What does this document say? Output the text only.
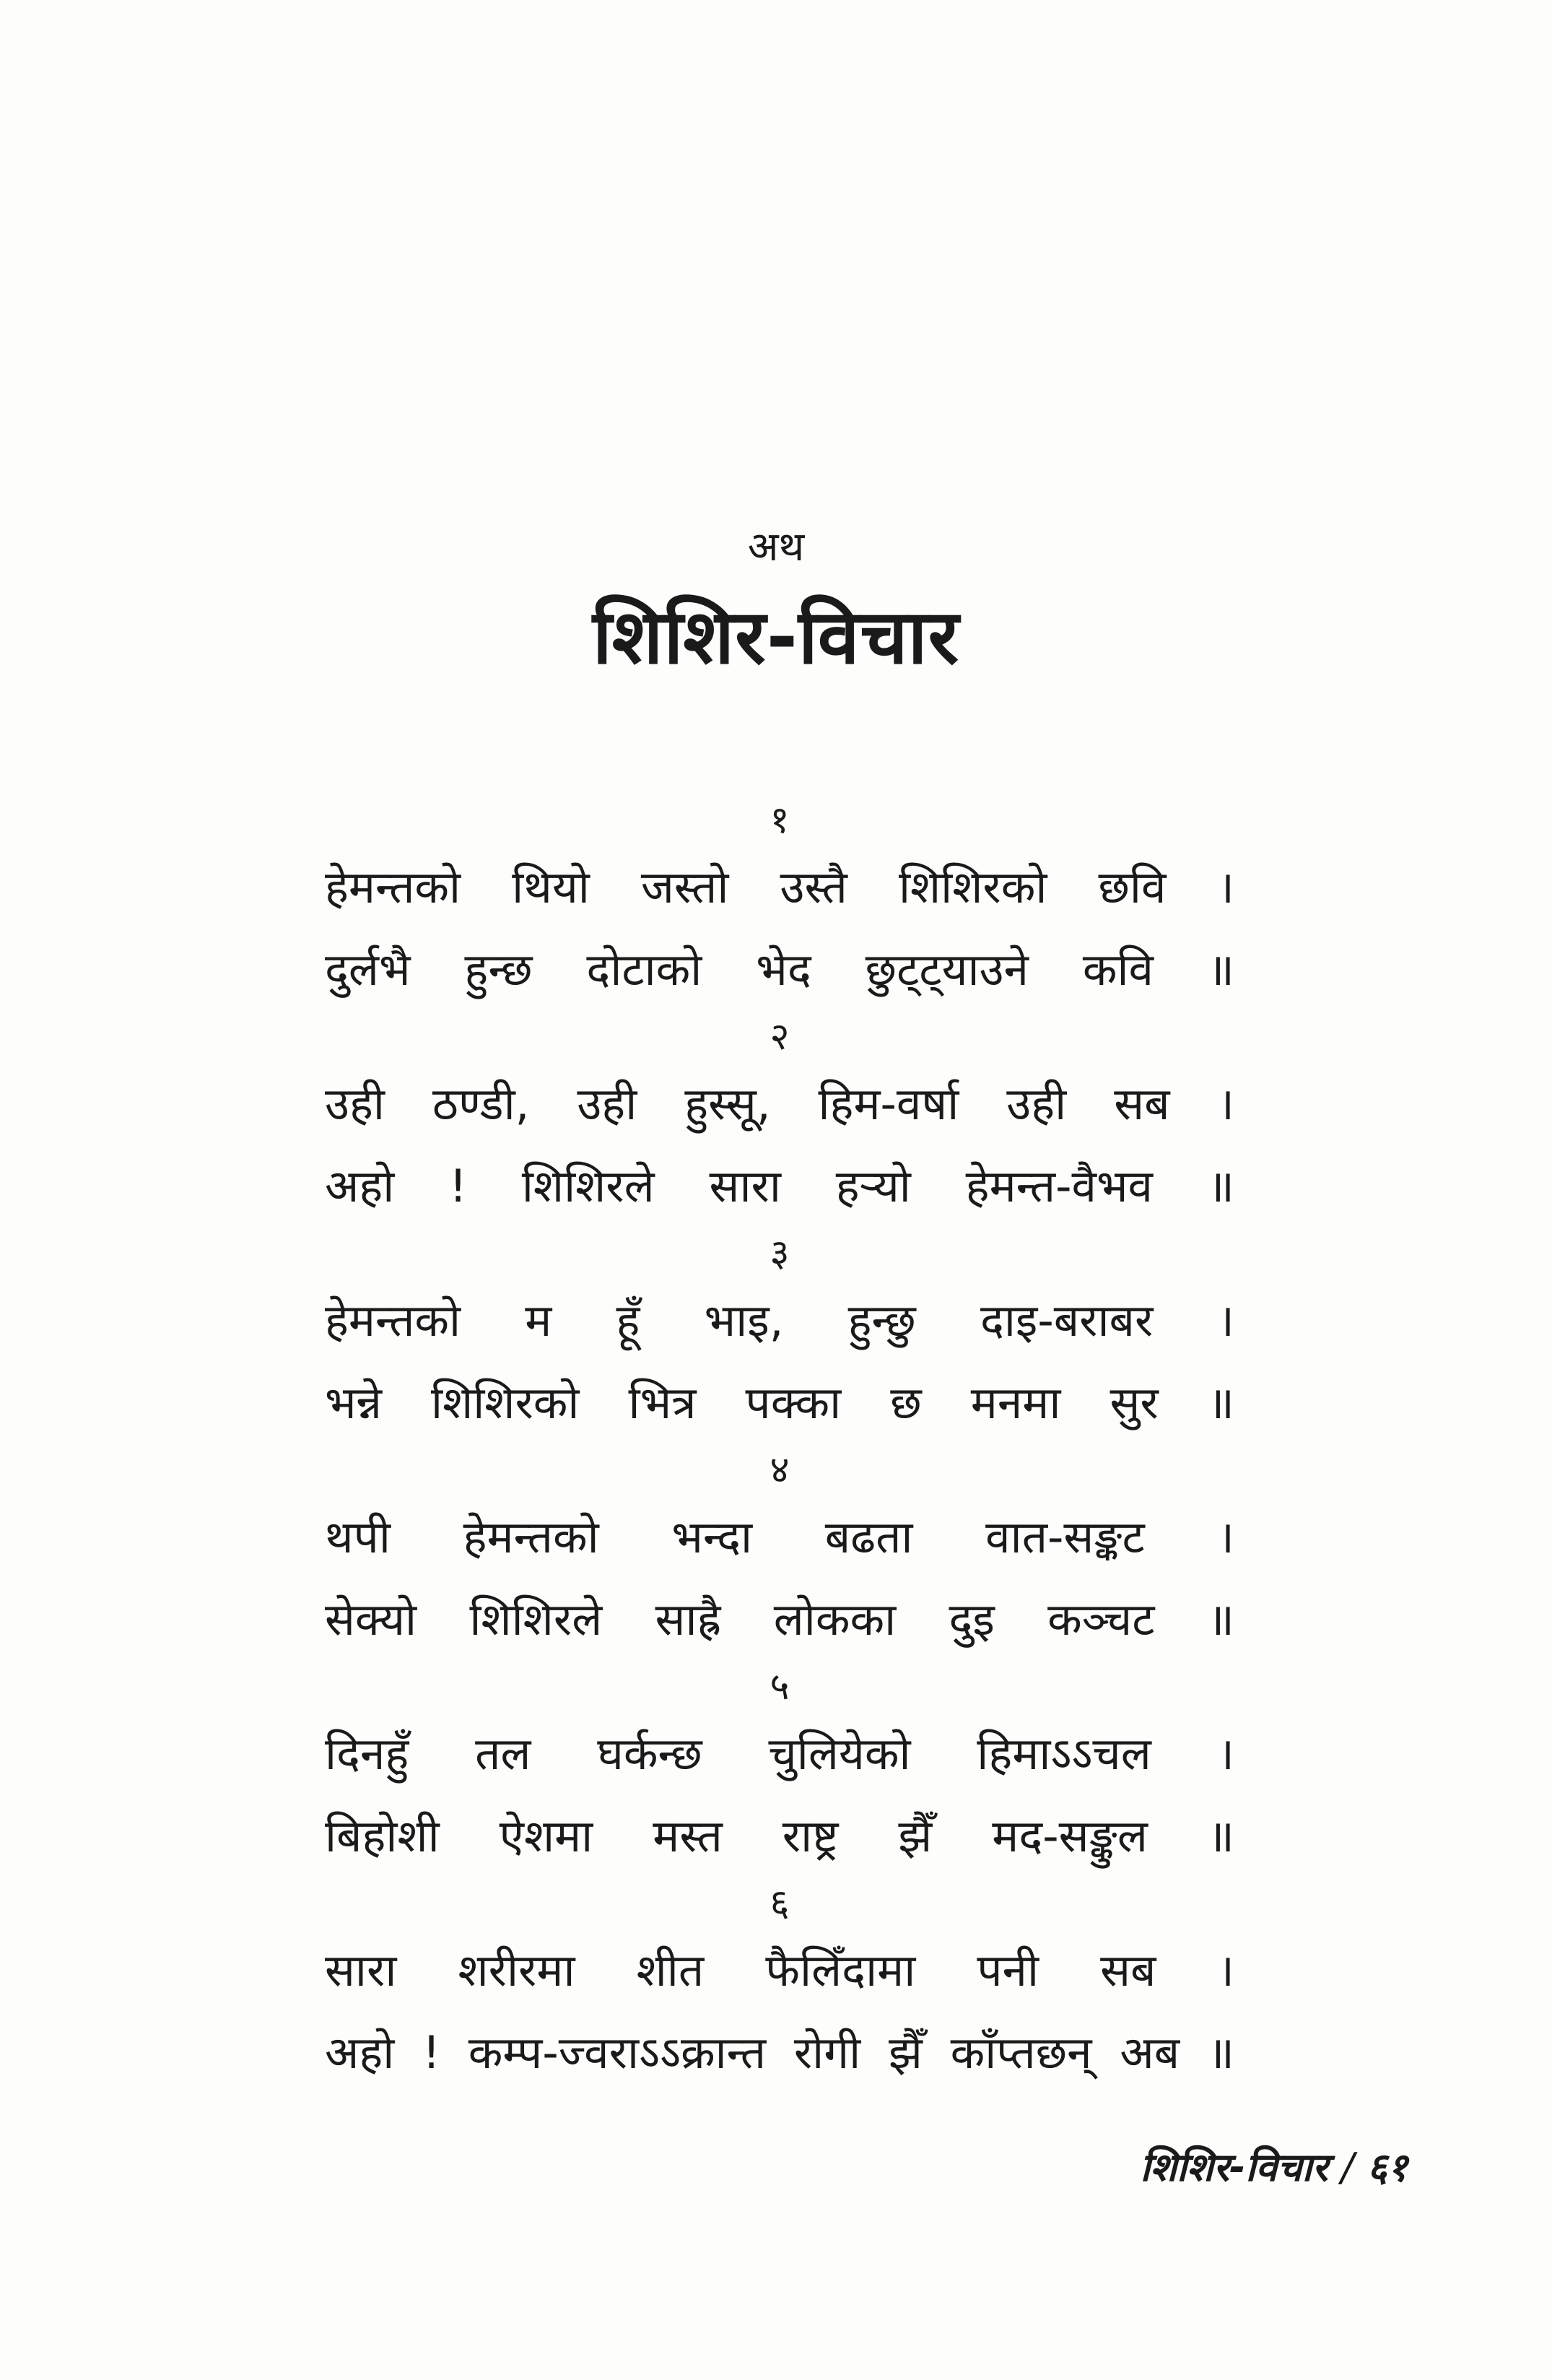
अथ
शिशिर-विचार
१
हेमन्तको थियो जस्तो उस्तै शिशिरको छवि ।
दुर्लभै हुन्छ दोटाको भेद छुट्ट्याउने कवि ॥
२
उही ठण्डी, उही हुस्सू, हिम-वर्षा उही सब ।
अहो ! शिशिरले सारा हर्‍यो हेमन्त-वैभव ॥
३
हेमन्तको म हूँ भाइ, हुन्छु दाइ-बराबर ।
भन्ने शिशिरको भित्र पक्का छ मनमा सुर ॥
४
थपी हेमन्तको भन्दा बढता वात-सङ्कट ।
सेक्यो शिशिरले साह्रै लोकका दुइ कञ्चट ॥
५
दिनहुँ तल घर्कन्छ चुलियेको हिमाऽऽचल ।
बिहोशी ऐशमा मस्त राष्ट्र झैँ मद-सङ्कुल ॥
६
सारा शरीरमा शीत फैलिँदामा पनी सब ।
अहो ! कम्प-ज्वराऽऽक्रान्त रोगी झैँ काँप्तछन् अब ॥
शिशिर-विचार / ६१
